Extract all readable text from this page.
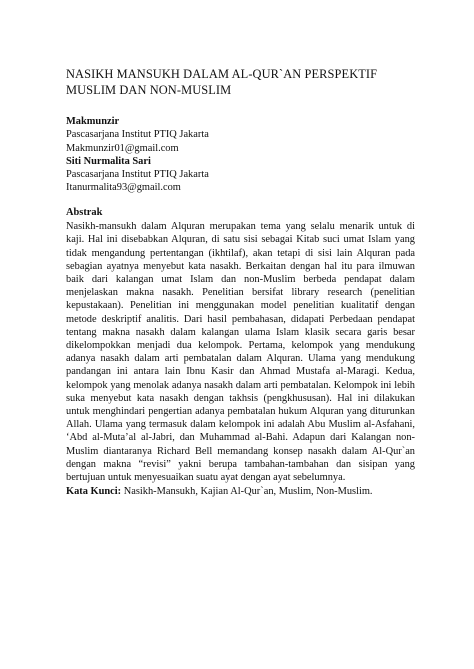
NASIKH MANSUKH DALAM AL-QUR`AN PERSPEKTIF MUSLIM DAN NON-MUSLIM
Makmunzir
Pascasarjana Institut PTIQ Jakarta
Makmunzir01@gmail.com
Siti Nurmalita Sari
Pascasarjana Institut PTIQ Jakarta
Itanurmalita93@gmail.com
Abstrak
Nasikh-mansukh dalam Alquran merupakan tema yang selalu menarik untuk di kaji. Hal ini disebabkan Alquran, di satu sisi sebagai Kitab suci umat Islam yang tidak mengandung pertentangan (ikhtilaf), akan tetapi di sisi lain Alquran pada sebagian ayatnya menyebut kata nasakh. Berkaitan dengan hal itu para ilmuwan baik dari kalangan umat Islam dan non-Muslim berbeda pendapat dalam menjelaskan makna nasakh. Penelitian bersifat library research (penelitian kepustakaan). Penelitian ini menggunakan model penelitian kualitatif dengan metode deskriptif analitis. Dari hasil pembahasan, didapati Perbedaan pendapat tentang makna nasakh dalam kalangan ulama Islam klasik secara garis besar dikelompokkan menjadi dua kelompok. Pertama, kelompok yang mendukung adanya nasakh dalam arti pembatalan dalam Alquran. Ulama yang mendukung pandangan ini antara lain Ibnu Kasir dan Ahmad Mustafa al-Maragi. Kedua, kelompok yang menolak adanya nasakh dalam arti pembatalan. Kelompok ini lebih suka menyebut kata nasakh dengan takhsis (pengkhususan). Hal ini dilakukan untuk menghindari pengertian adanya pembatalan hukum Alquran yang diturunkan Allah. Ulama yang termasuk dalam kelompok ini adalah Abu Muslim al-Asfahani, ‘Abd al-Muta’al al-Jabri, dan Muhammad al-Bahi. Adapun dari Kalangan non-Muslim diantaranya Richard Bell memandang konsep nasakh dalam Al-Qur`an dengan makna “revisi” yakni berupa tambahan-tambahan dan sisipan yang bertujuan untuk menyesuaikan suatu ayat dengan ayat sebelumnya.
Kata Kunci: Nasikh-Mansukh, Kajian Al-Qur`an, Muslim, Non-Muslim.
